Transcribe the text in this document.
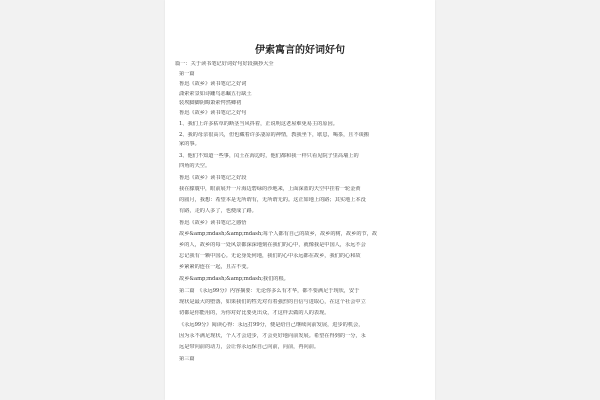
伊索寓言的好词好句
篇一：关于读书笔记好词好句好段摘抄大全
第一篇
鲁迅《故乡》读书笔记之好词
潇索索景如诗跚鸟恶瞩五行缺土
装埃脚脚阴晦萧索愕然卿初
鲁迅《故乡》读书笔记之好句
1、我们上许多枯草的断茎当风抖着，正说明这老屋难免易主的原因。
2、我的母亲很高兴，但也藏着许多凄凉的神情，教我坐下，歇息，喝茶，且不谈搬
家的事。
3、他们不知道一些事，闰土在海边时，他们都和我一样只看见院子里高墙上的
四角的天空。
鲁迅《故乡》读书笔记之好段
我在朦胧中，眼前展开一片海边碧绿的沙地来，上面深蓝的天空中挂着一轮金黄
的圆月，我想：希望本是无所谓有，无所谓无的。这正如地上的路；其实地上本没
有路，走的人多了，也便成了路。
鲁迅《故乡》读书笔记之感悟
故乡&amp;mdash;&amp;mdash;每个人都有自己的故乡，故乡的树，故乡的节，故
乡的人，故乡的每一处风景都深深地刻在我们的心中，就像我是中国人，永远不会
忘记我有一颗中国心。无论身处何地，我们的心中永远都在故乡，我们的心和故
乡紧紧的连在一起，且古不变。
故乡&amp;mdash;&amp;mdash;我们的根。
第二篇　《永远99分》内容摘要：无论你多么有才华，都不要满足于现状，安于
现状是最大的堕落，如果我们的牲先对有着强烈的自信与进取心，在这个社会中立
切都是你能用的，为你对好比要更出众，才这样去做的人的表现。
《永远99分》阅读心得：永远打99分，便是给自己继续向前发展，进步的机会，
因为永不满足现状，个人才会进步，才会更好地向前发展。希望在得到的一分，永
远是带向前的动力，会让你永远保自己向前，向前，再向前。
第三篇
